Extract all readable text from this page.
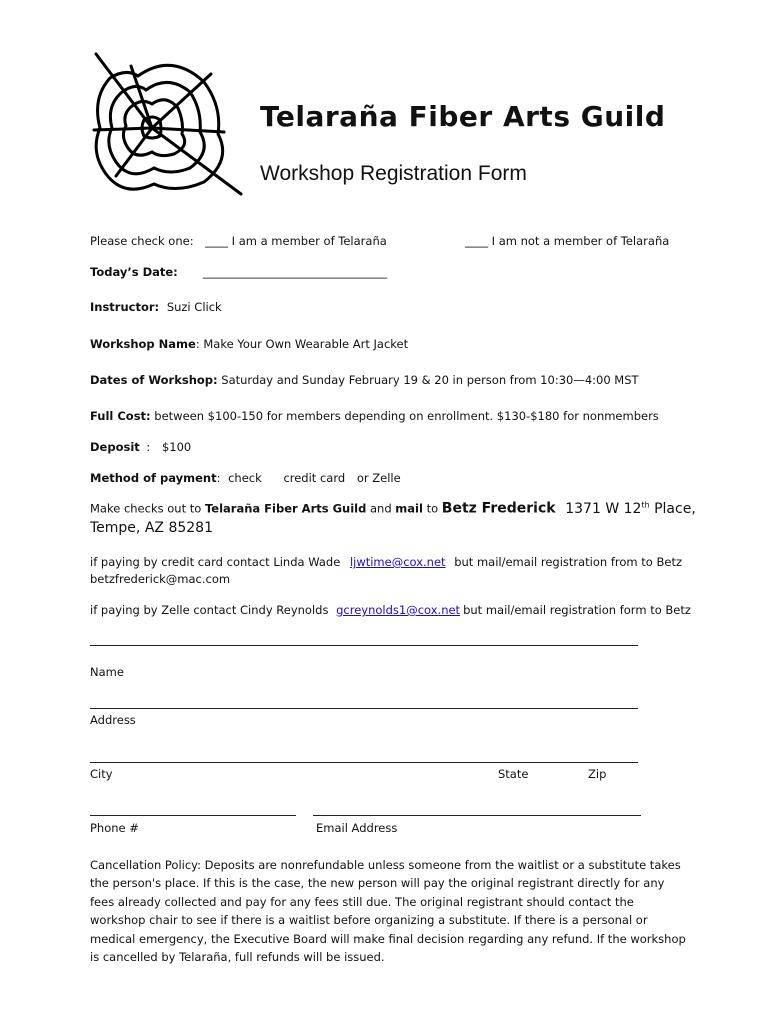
Telaraña Fiber Arts Guild
Workshop Registration Form
Please check one: ____ I am a member of Telaraña	____ I am not a member of Telaraña
Today’s Date: ________________________________
Instructor: Suzi Click
Workshop Name: Make Your Own Wearable Art Jacket
Dates of Workshop: Saturday and Sunday February 19 & 20 in person from 10:30—4:00 MST
Full Cost: between $100-150 for members depending on enrollment. $130-$180 for nonmembers
Deposit : $100
Method of payment: check credit card or Zelle
Make checks out to Telaraña Fiber Arts Guild and mail to Betz Frederick 1371 W 12th Place,
Tempe, AZ 85281
if paying by credit card contact Linda Wade ljwtime@cox.net but mail/email registration from to Betz
betzfrederick@mac.com
if paying by Zelle contact Cindy Reynolds gcreynolds1@cox.net but mail/email registration form to Betz
Name
Address
City	State	Zip
Phone #	Email Address
Cancellation Policy: Deposits are nonrefundable unless someone from the waitlist or a substitute takes the person's place. If this is the case, the new person will pay the original registrant directly for any fees already collected and pay for any fees still due. The original registrant should contact the workshop chair to see if there is a waitlist before organizing a substitute. If there is a personal or medical emergency, the Executive Board will make final decision regarding any refund. If the workshop is cancelled by Telaraña, full refunds will be issued.
